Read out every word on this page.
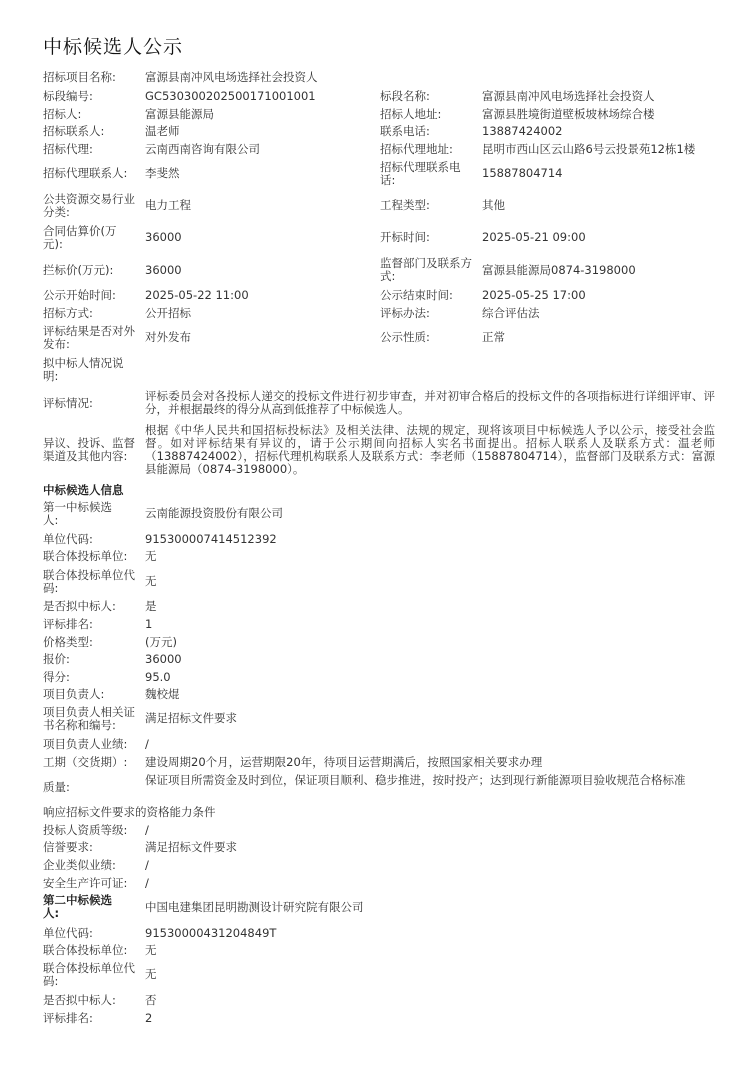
中标候选人公示
招标项目名称:	富源县南冲风电场选择社会投资人
标段编号:	GC530300202500171001001	标段名称:	富源县南冲风电场选择社会投资人
招标人:	富源县能源局	招标人地址:	富源县胜境街道壁板坡林场综合楼
招标联系人:	温老师	联系电话:	13887424002
招标代理:	云南西南咨询有限公司	招标代理地址:	昆明市西山区云山路6号云投景苑12栋1楼
招标代理联系人:	李斐然	招标代理联系电话:	15887804714
公共资源交易行业分类:	电力工程	工程类型:	其他
合同估算价(万元):	36000	开标时间:	2025-05-21 09:00
拦标价(万元):	36000	监督部门及联系方式:	富源县能源局0874-3198000
公示开始时间:	2025-05-22 11:00	公示结束时间:	2025-05-25 17:00
招标方式:	公开招标	评标办法:	综合评估法
评标结果是否对外发布:	对外发布	公示性质:	正常
拟中标人情况说明:
评标情况:	评标委员会对各投标人递交的投标文件进行初步审查，并对初审合格后的投标文件的各项指标进行详细评审、评分，并根据最终的得分从高到低推荐了中标候选人。
异议、投诉、监督渠道及其他内容:
根据《中华人民共和国招标投标法》及相关法律、法规的规定，现将该项目中标候选人予以公示，接受社会监督。如对评标结果有异议的，请于公示期间向招标人实名书面提出。招标人联系人及联系方式：温老师（13887424002），招标代理机构联系人及联系方式：李老师（15887804714），监督部门及联系方式：富源县能源局（0874-3198000）。
中标候选人信息
第一中标候选人:	云南能源投资股份有限公司
单位代码:	915300007414512392
联合体投标单位:	无
联合体投标单位代码:	无
是否拟中标人:	是
评标排名:	1
价格类型:	(万元)
报价:	36000
得分:	95.0
项目负责人:	魏校焜
项目负责人相关证书名称和编号:	满足招标文件要求
项目负责人业绩:	/
工期（交货期）:	建设周期20个月，运营期限20年，待项目运营期满后，按照国家相关要求办理
质量:	保证项目所需资金及时到位，保证项目顺利、稳步推进，按时投产；达到现行新能源项目验收规范合格标准
响应招标文件要求的资格能力条件
投标人资质等级:	/
信誉要求:	满足招标文件要求
企业类似业绩:	/
安全生产许可证:	/
第二中标候选人:	中国电建集团昆明勘测设计研究院有限公司
单位代码:	91530000431204849T
联合体投标单位:	无
联合体投标单位代码:	无
是否拟中标人:	否
评标排名:	2
